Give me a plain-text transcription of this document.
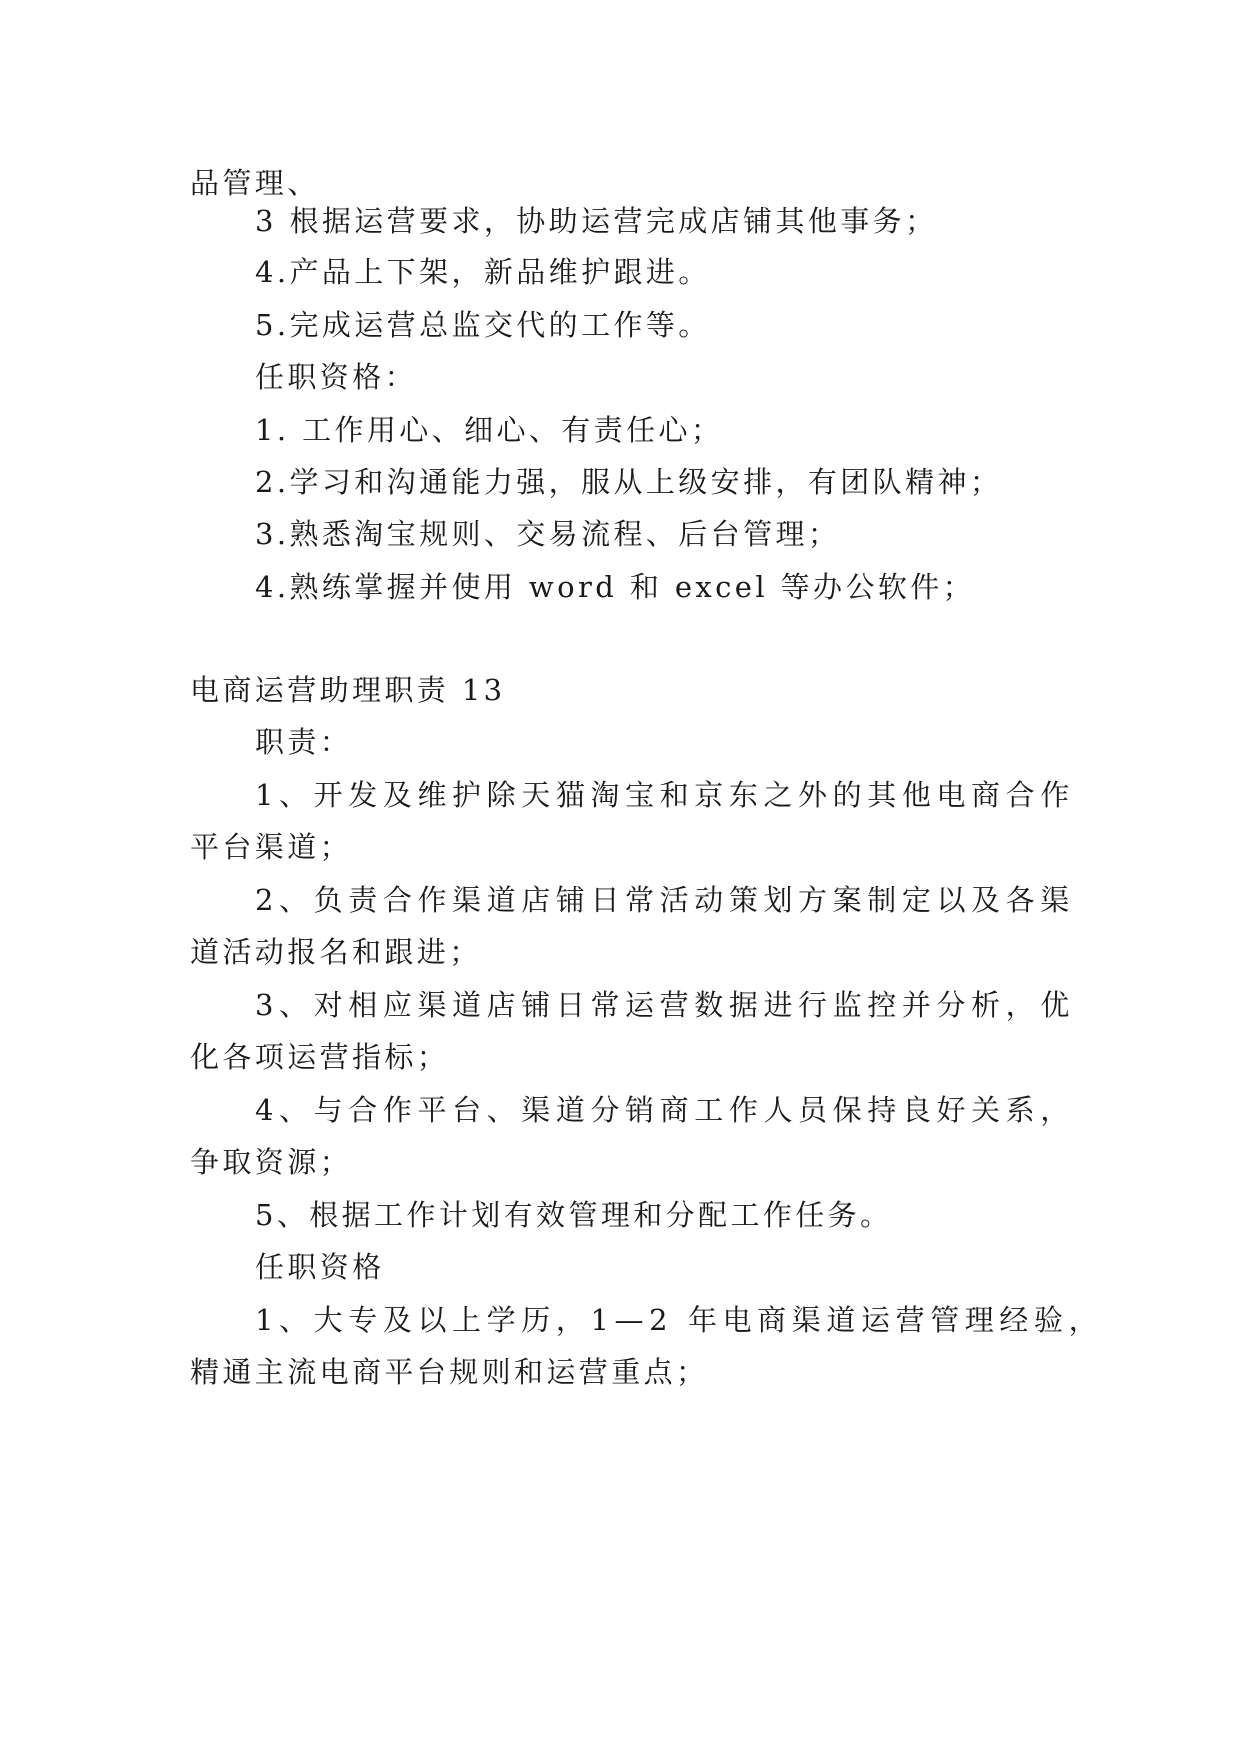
品管理、
3 根据运营要求，协助运营完成店铺其他事务；
4.产品上下架，新品维护跟进。
5.完成运营总监交代的工作等。
任职资格：
1. 工作用心、细心、有责任心；
2.学习和沟通能力强，服从上级安排，有团队精神；
3.熟悉淘宝规则、交易流程、后台管理；
4.熟练掌握并使用 word 和 excel 等办公软件；
电商运营助理职责 13
职责：
1、开发及维护除天猫淘宝和京东之外的其他电商合作
平台渠道；
2、负责合作渠道店铺日常活动策划方案制定以及各渠
道活动报名和跟进；
3、对相应渠道店铺日常运营数据进行监控并分析，优
化各项运营指标；
4、与合作平台、渠道分销商工作人员保持良好关系，
争取资源；
5、根据工作计划有效管理和分配工作任务。
任职资格
1、大专及以上学历，1—2 年电商渠道运营管理经验，
精通主流电商平台规则和运营重点；
